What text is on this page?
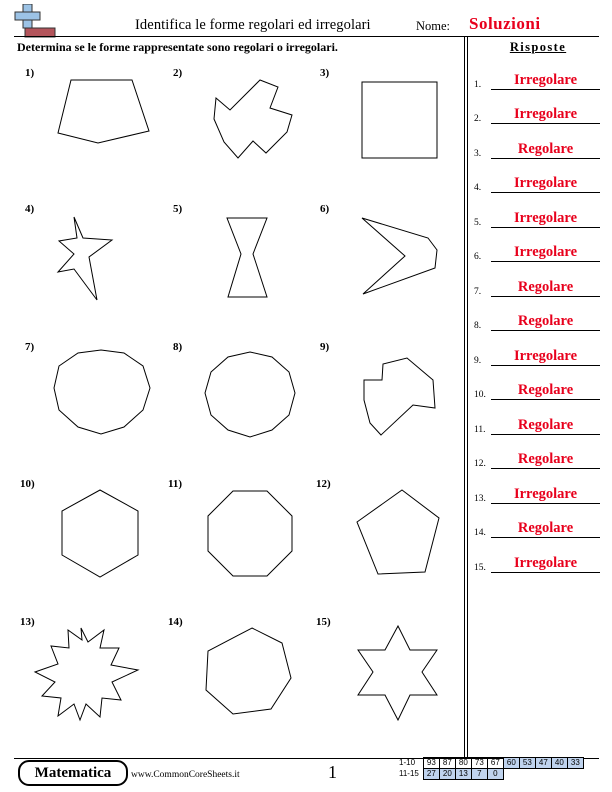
Identifica le forme regolari ed irregolari	Nome: Soluzioni
Determina se le forme rappresentate sono regolari o irregolari.
1)	2)	3)
4)	5)	6)
7)	8)	9)
10)	11)	12)
13)	14)	15)
Risposte
1.	Irregolare
2.	Irregolare
3.	Regolare
4.	Irregolare
5.	Irregolare
6.	Irregolare
7.	Regolare
8.	Regolare
9.	Irregolare
10.	Regolare
11.	Regolare
12.	Regolare
13.	Irregolare
14.	Regolare
15.	Irregolare
Matematica	www.CommonCoreSheets.it	1	1-10	93	87	80	73	67	60	53	47	40	33
11-15	27	20	13	7	0					
